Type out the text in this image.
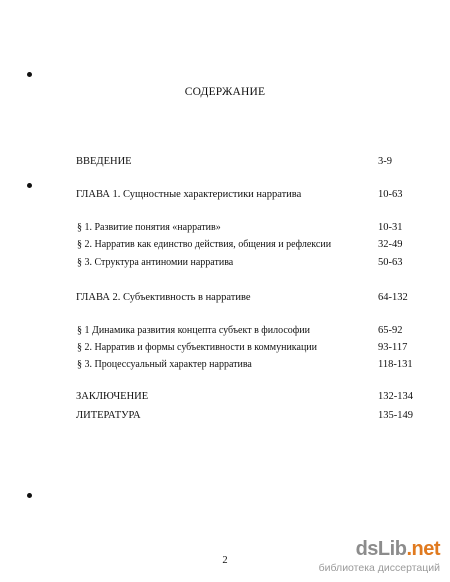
СОДЕРЖАНИЕ
ВВЕДЕНИЕ	3-9
ГЛАВА 1. Сущностные характеристики нарратива	10-63
§ 1. Развитие понятия «нарратив»	10-31
§ 2. Нарратив как единство действия, общения и рефлексии	32-49
§ 3. Структура антиномии нарратива	50-63
ГЛАВА 2. Субъективность в нарративе	64-132
§ 1 Динамика развития концепта субъект в философии	65-92
§ 2. Нарратив и формы субъективности в коммуникации	93-117
§ 3. Процессуальный характер нарратива	118-131
ЗАКЛЮЧЕНИЕ	132-134
ЛИТЕРАТУРА	135-149
2
dsLib.net
библиотека диссертаций
